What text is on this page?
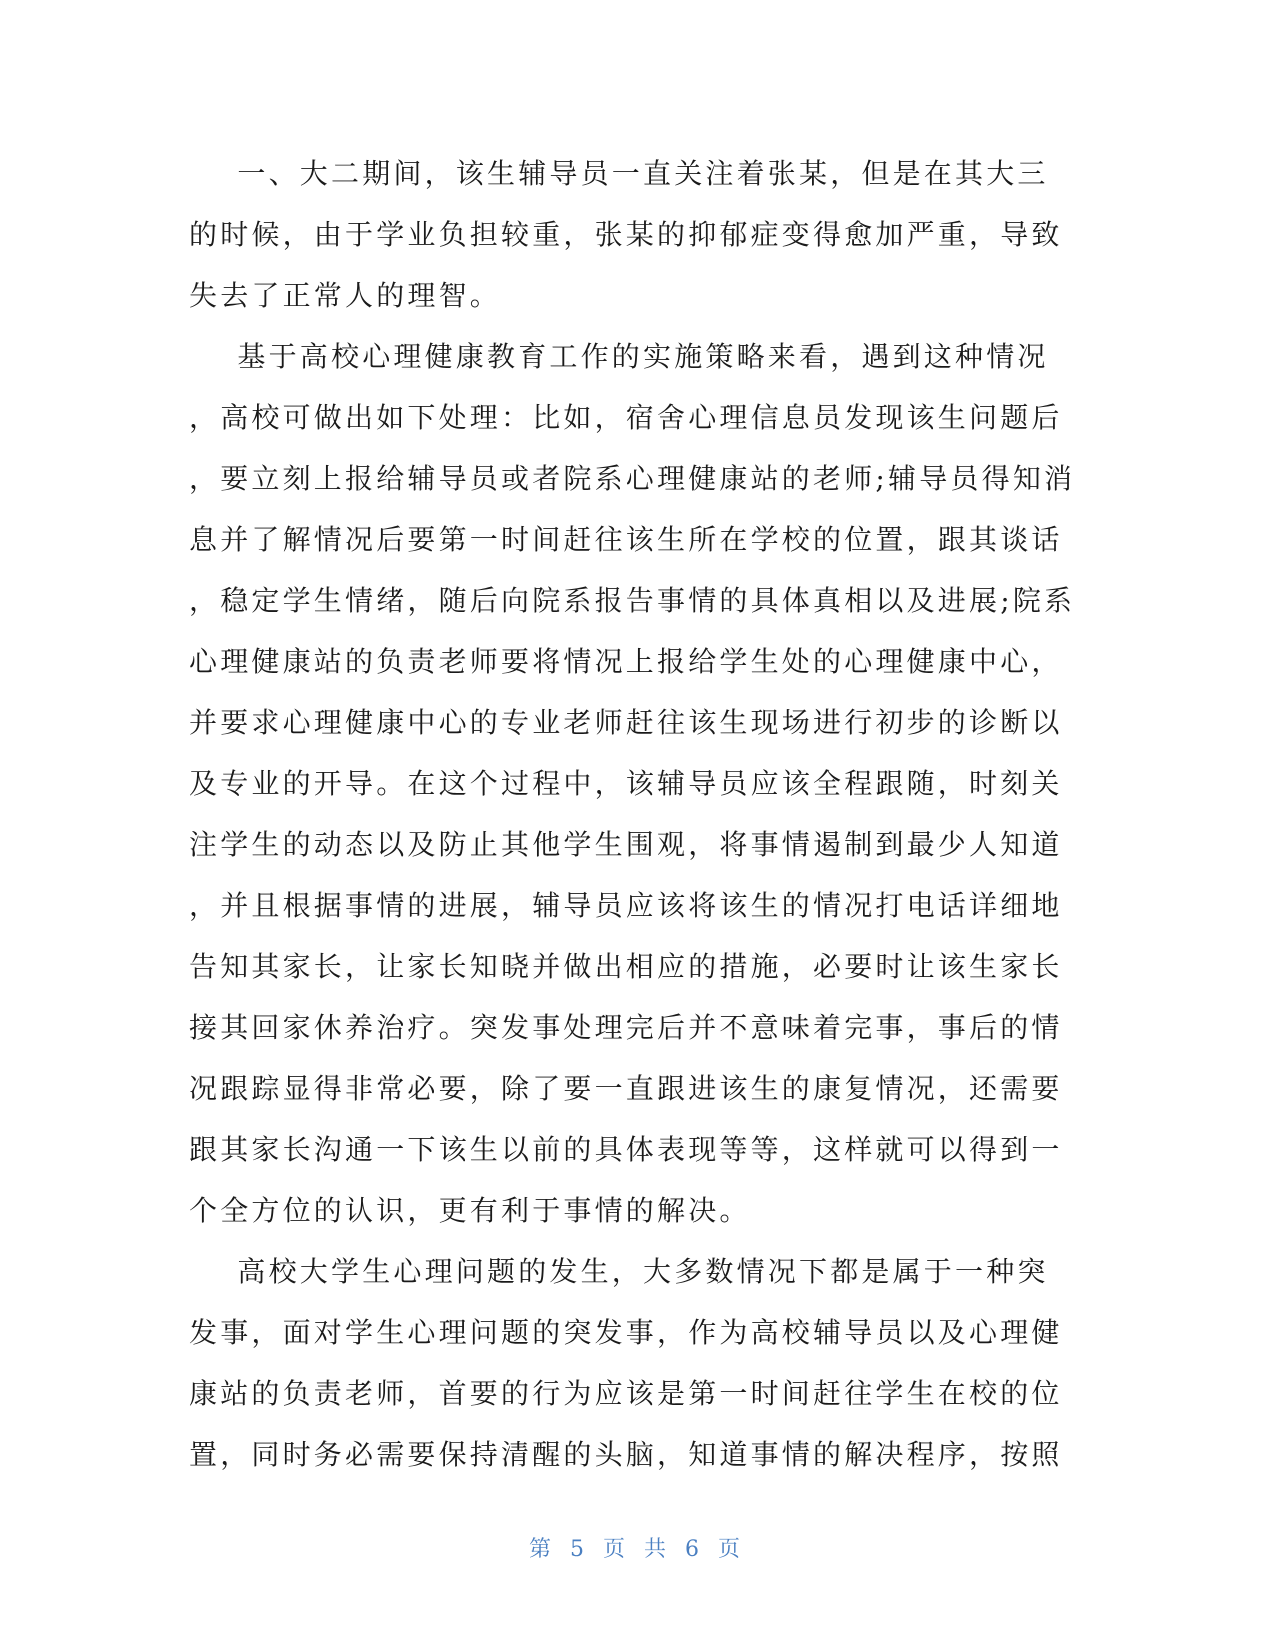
一、大二期间，该生辅导员一直关注着张某，但是在其大三
的时候，由于学业负担较重，张某的抑郁症变得愈加严重，导致
失去了正常人的理智。
基于高校心理健康教育工作的实施策略来看，遇到这种情况
，高校可做出如下处理：比如，宿舍心理信息员发现该生问题后
，要立刻上报给辅导员或者院系心理健康站的老师;辅导员得知消
息并了解情况后要第一时间赶往该生所在学校的位置，跟其谈话
，稳定学生情绪，随后向院系报告事情的具体真相以及进展;院系
心理健康站的负责老师要将情况上报给学生处的心理健康中心，
并要求心理健康中心的专业老师赶往该生现场进行初步的诊断以
及专业的开导。在这个过程中，该辅导员应该全程跟随，时刻关
注学生的动态以及防止其他学生围观，将事情遏制到最少人知道
，并且根据事情的进展，辅导员应该将该生的情况打电话详细地
告知其家长，让家长知晓并做出相应的措施，必要时让该生家长
接其回家休养治疗。突发事处理完后并不意味着完事，事后的情
况跟踪显得非常必要，除了要一直跟进该生的康复情况，还需要
跟其家长沟通一下该生以前的具体表现等等，这样就可以得到一
个全方位的认识，更有利于事情的解决。
高校大学生心理问题的发生，大多数情况下都是属于一种突
发事，面对学生心理问题的突发事，作为高校辅导员以及心理健
康站的负责老师，首要的行为应该是第一时间赶往学生在校的位
置，同时务必需要保持清醒的头脑，知道事情的解决程序，按照
第 5 页 共 6 页
